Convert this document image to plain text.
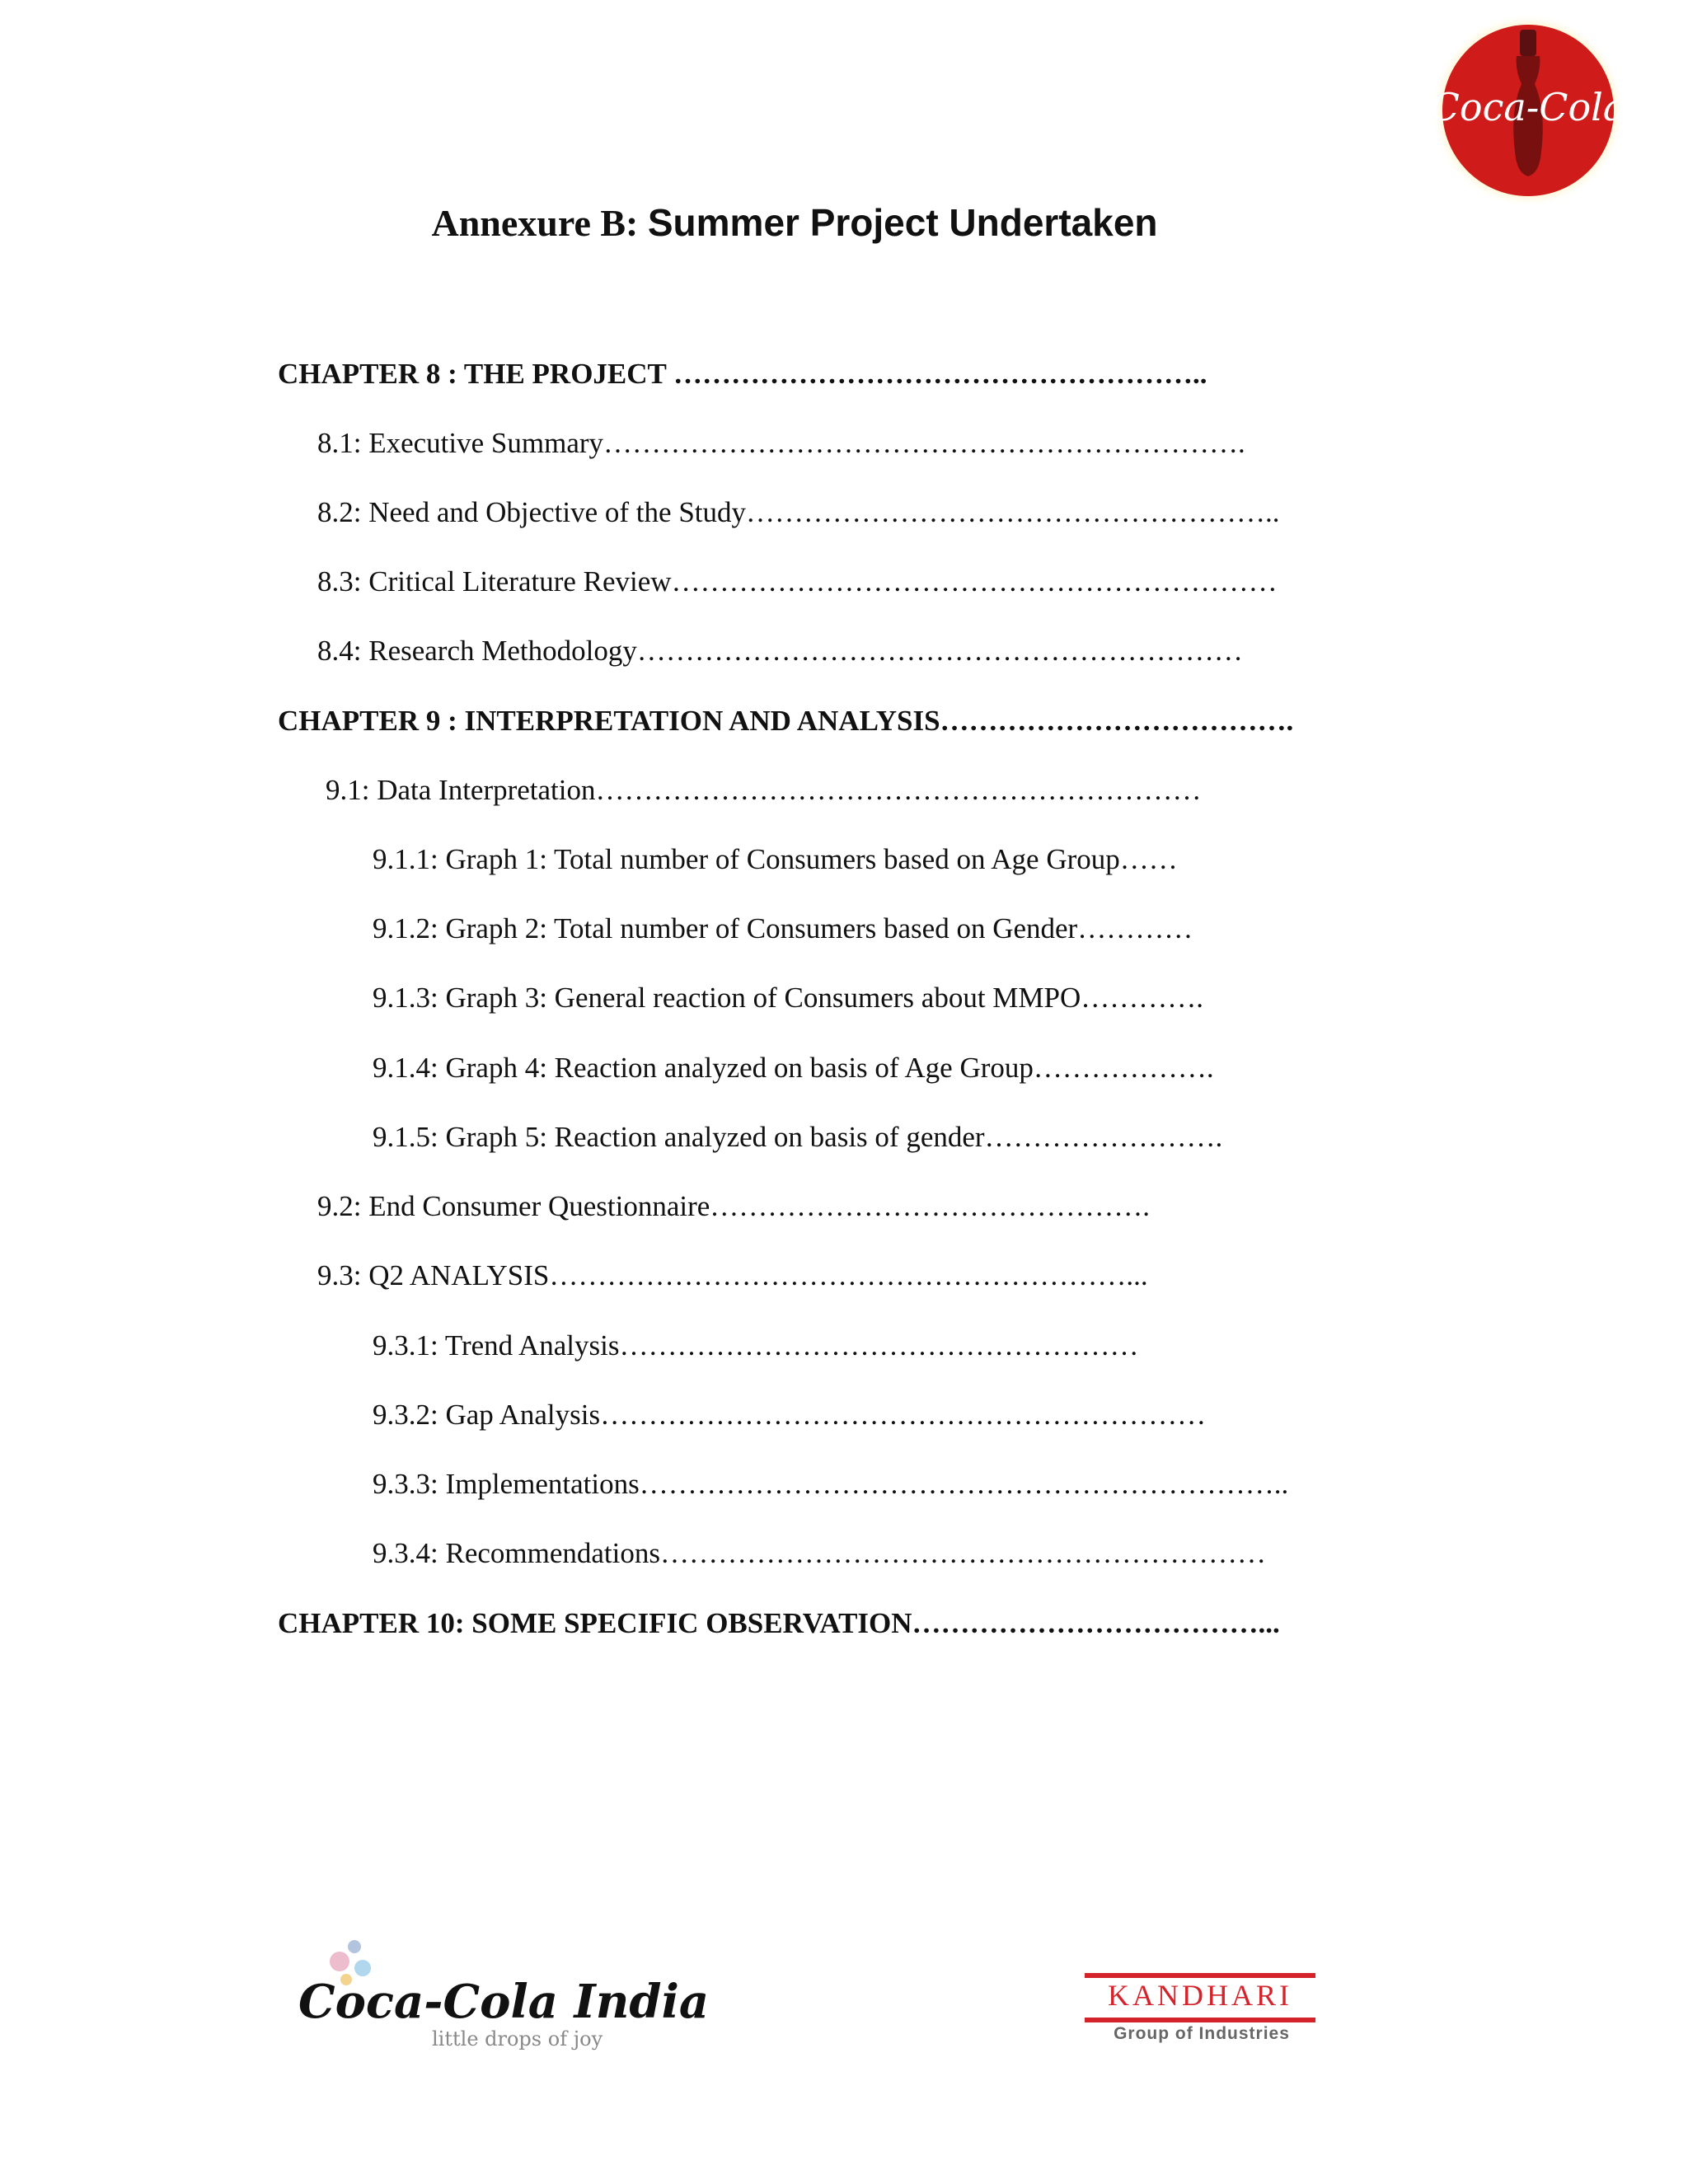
Coca-Cola
Annexure B: Summer Project Undertaken
CHAPTER 8 : THE PROJECT ………………………………………………..
8.1: Executive Summary………………………………………………………….
8.2: Need and Objective of the Study………………………………………………..
8.3: Critical Literature Review………………………………………………………
8.4: Research Methodology………………………………………………………
CHAPTER 9 : INTERPRETATION AND ANALYSIS……………………………….
9.1: Data Interpretation………………………………………………………
9.1.1: Graph 1: Total number of Consumers based on Age Group……
9.1.2: Graph 2: Total number of Consumers based on Gender…………
9.1.3: Graph 3: General reaction of Consumers about MMPO………….
9.1.4: Graph 4: Reaction analyzed on basis of Age Group……………….
9.1.5: Graph 5: Reaction analyzed on basis of gender…………………….
9.2: End Consumer Questionnaire……………………………………….
9.3: Q2 ANALYSIS……………………………………………………...
9.3.1: Trend Analysis………………………………………………
9.3.2: Gap Analysis………………………………………………………
9.3.3: Implementations…………………………………………………………..
9.3.4: Recommendations………………………………………………………
CHAPTER 10: SOME SPECIFIC OBSERVATION………………………………...
Coca-Cola India
little drops of joy
KANDHARI
Group of Industries
